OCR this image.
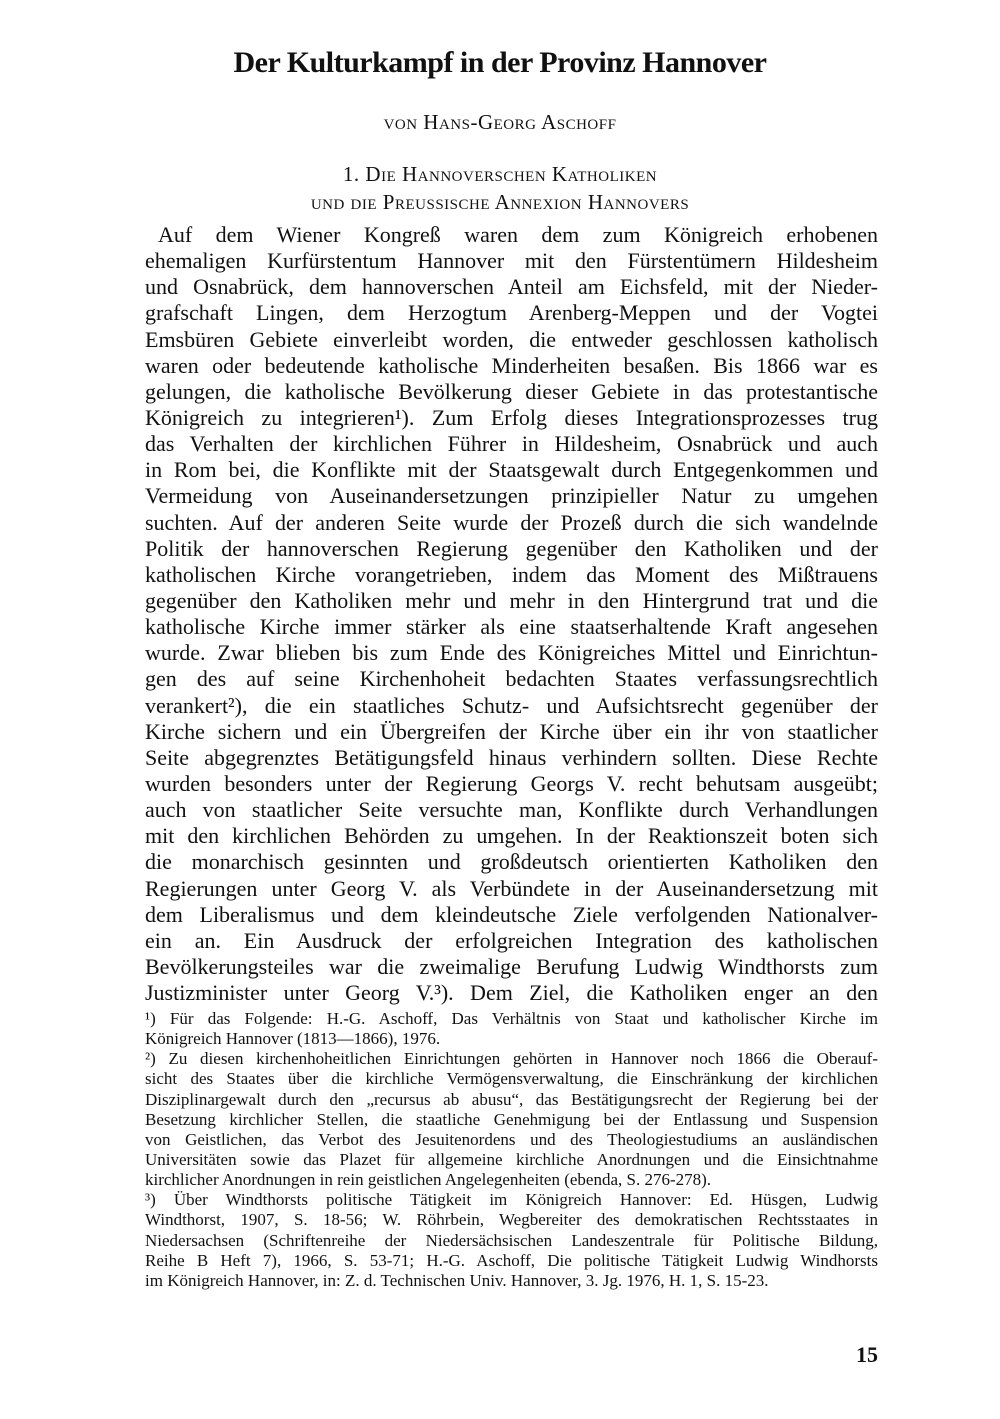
Der Kulturkampf in der Provinz Hannover
von Hans-Georg Aschoff
1. Die Hannoverschen Katholiken
und die Preussische Annexion Hannovers
Auf dem Wiener Kongreß waren dem zum Königreich erhobenen
ehemaligen Kurfürstentum Hannover mit den Fürstentümern Hildesheim
und Osnabrück, dem hannoverschen Anteil am Eichsfeld, mit der Nieder-
grafschaft Lingen, dem Herzogtum Arenberg-Meppen und der Vogtei
Emsbüren Gebiete einverleibt worden, die entweder geschlossen katholisch
waren oder bedeutende katholische Minderheiten besaßen. Bis 1866 war es
gelungen, die katholische Bevölkerung dieser Gebiete in das protestantische
Königreich zu integrieren¹). Zum Erfolg dieses Integrationsprozesses trug
das Verhalten der kirchlichen Führer in Hildesheim, Osnabrück und auch
in Rom bei, die Konflikte mit der Staatsgewalt durch Entgegenkommen und
Vermeidung von Auseinandersetzungen prinzipieller Natur zu umgehen
suchten. Auf der anderen Seite wurde der Prozeß durch die sich wandelnde
Politik der hannoverschen Regierung gegenüber den Katholiken und der
katholischen Kirche vorangetrieben, indem das Moment des Mißtrauens
gegenüber den Katholiken mehr und mehr in den Hintergrund trat und die
katholische Kirche immer stärker als eine staatserhaltende Kraft angesehen
wurde. Zwar blieben bis zum Ende des Königreiches Mittel und Einrichtun-
gen des auf seine Kirchenhoheit bedachten Staates verfassungsrechtlich
verankert²), die ein staatliches Schutz- und Aufsichtsrecht gegenüber der
Kirche sichern und ein Übergreifen der Kirche über ein ihr von staatlicher
Seite abgegrenztes Betätigungsfeld hinaus verhindern sollten. Diese Rechte
wurden besonders unter der Regierung Georgs V. recht behutsam ausgeübt;
auch von staatlicher Seite versuchte man, Konflikte durch Verhandlungen
mit den kirchlichen Behörden zu umgehen. In der Reaktionszeit boten sich
die monarchisch gesinnten und großdeutsch orientierten Katholiken den
Regierungen unter Georg V. als Verbündete in der Auseinandersetzung mit
dem Liberalismus und dem kleindeutsche Ziele verfolgenden Nationalver-
ein an. Ein Ausdruck der erfolgreichen Integration des katholischen
Bevölkerungsteiles war die zweimalige Berufung Ludwig Windthorsts zum
Justizminister unter Georg V.³). Dem Ziel, die Katholiken enger an den
¹) Für das Folgende: H.-G. Aschoff, Das Verhältnis von Staat und katholischer Kirche im
Königreich Hannover (1813—1866), 1976.
²) Zu diesen kirchenhoheitlichen Einrichtungen gehörten in Hannover noch 1866 die Oberauf-
sicht des Staates über die kirchliche Vermögensverwaltung, die Einschränkung der kirchlichen
Disziplinargewalt durch den „recursus ab abusu“, das Bestätigungsrecht der Regierung bei der
Besetzung kirchlicher Stellen, die staatliche Genehmigung bei der Entlassung und Suspension
von Geistlichen, das Verbot des Jesuitenordens und des Theologiestudiums an ausländischen
Universitäten sowie das Plazet für allgemeine kirchliche Anordnungen und die Einsichtnahme
kirchlicher Anordnungen in rein geistlichen Angelegenheiten (ebenda, S. 276-278).
³) Über Windthorsts politische Tätigkeit im Königreich Hannover: Ed. Hüsgen, Ludwig
Windthorst, 1907, S. 18-56; W. Röhrbein, Wegbereiter des demokratischen Rechtsstaates in
Niedersachsen (Schriftenreihe der Niedersächsischen Landeszentrale für Politische Bildung,
Reihe B Heft 7), 1966, S. 53-71; H.-G. Aschoff, Die politische Tätigkeit Ludwig Windhorsts
im Königreich Hannover, in: Z. d. Technischen Univ. Hannover, 3. Jg. 1976, H. 1, S. 15-23.
15
